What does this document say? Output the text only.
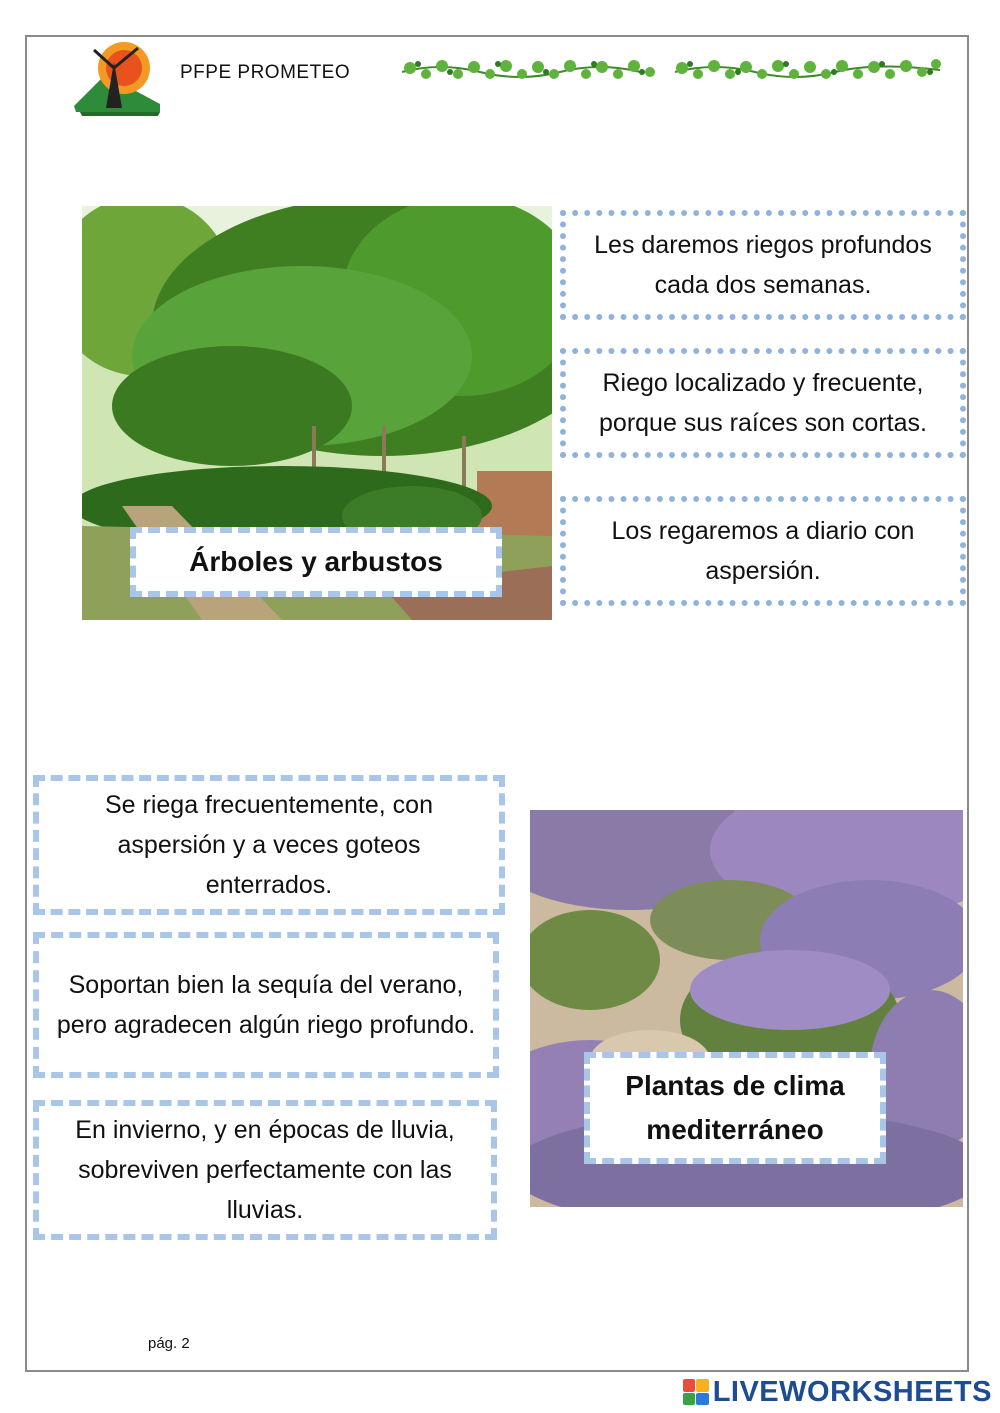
PFPE PROMETEO
Árboles y arbustos
Les daremos riegos profundos cada dos semanas.
Riego localizado y frecuente, porque sus raíces son cortas.
Los regaremos a diario con aspersión.
Se riega frecuentemente, con aspersión y a veces goteos enterrados.
Soportan bien la sequía del verano, pero agradecen algún riego profundo.
En invierno, y en épocas de lluvia, sobreviven perfectamente con las lluvias.
Plantas de clima mediterráneo
pág. 2
LIVEWORKSHEETS
